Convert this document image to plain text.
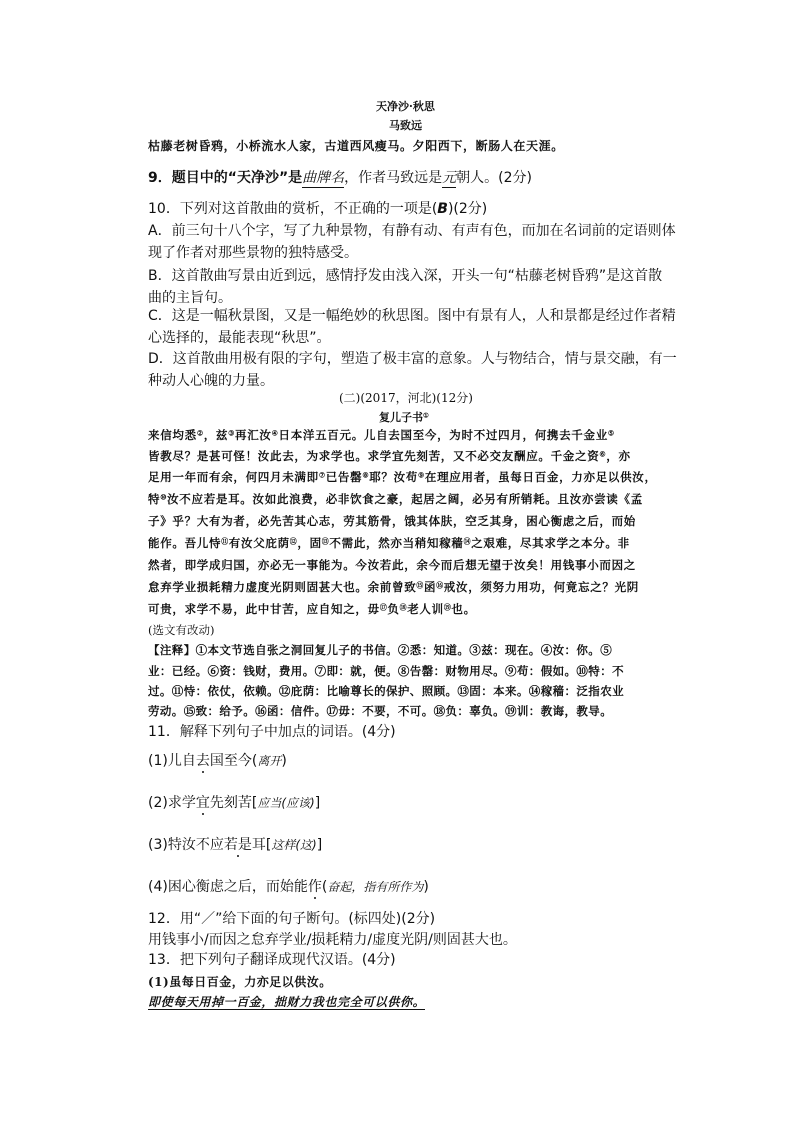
天净沙·秋思
马致远
枯藤老树昏鸦，小桥流水人家，古道西风瘦马。夕阳西下，断肠人在天涯。
9．题目中的“天净沙”是曲牌名，作者马致远是元朝人。(2分)
10．下列对这首散曲的赏析，不正确的一项是(B)(2分)
A．前三句十八个字，写了九种景物，有静有动、有声有色，而加在名词前的定语则体
现了作者对那些景物的独特感受。
B．这首散曲写景由近到远，感情抒发由浅入深，开头一句“枯藤老树昏鸦”是这首散
曲的主旨句。
C．这是一幅秋景图，又是一幅绝妙的秋思图。图中有景有人，人和景都是经过作者精
心选择的，最能表现“秋思”。
D．这首散曲用极有限的字句，塑造了极丰富的意象。人与物结合，情与景交融，有一
种动人心魄的力量。
(二)(2017，河北)(12分)
复儿子书①
来信均悉②，兹③再汇汝④日本洋五百元。儿自去国至今，为时不过四月，何携去千金业⑤
皆教尽？是甚可怪！汝此去，为求学也。求学宜先刻苦，又不必交友酬应。千金之资⑥，亦
足用一年而有余，何四月未满即⑦已告罄⑧耶？汝苟⑨在理应用者，虽每日百金，力亦足以供汝，
特⑩汝不应若是耳。汝如此浪费，必非饮食之豪，起居之阔，必另有所销耗。且汝亦尝读《孟
子》乎？大有为者，必先苦其心志，劳其筋骨，饿其体肤，空乏其身，困心衡虑之后，而始
能作。吾儿恃⑪有汝父庇荫⑫，固⑬不需此，然亦当稍知稼穑⑭之艰难，尽其求学之本分。非
然者，即学成归国，亦必无一事能为。今汝若此，余今而后想无望于汝矣！用钱事小而因之
怠弃学业损耗精力虚度光阴则固甚大也。余前曾致⑮函⑯戒汝，须努力用功，何竟忘之？光阴
可贵，求学不易，此中甘苦，应自知之，毋⑰负⑱老人训⑲也。
(选文有改动)
【注释】①本文节选自张之洞回复儿子的书信。②悉：知道。③兹：现在。④汝：你。⑤
业：已经。⑥资：钱财，费用。⑦即：就，便。⑧告罄：财物用尽。⑨苟：假如。⑩特：不
过。⑪恃：依仗，依赖。⑫庇荫：比喻尊长的保护、照顾。⑬固：本来。⑭稼穑：泛指农业
劳动。⑮致：给予。⑯函：信件。⑰毋：不要，不可。⑱负：辜负。⑲训：教诲，教导。
11．解释下列句子中加点的词语。(4分)
(1)儿自去国至今(离开)
(2)求学宜先刻苦[应当(应该)]
(3)特汝不应若是耳[这样(这)]
(4)困心衡虑之后，而始能作(奋起，指有所作为)
12．用“／”给下面的句子断句。(标四处)(2分)
用钱事小/而因之怠弃学业/损耗精力/虚度光阴/则固甚大也。
13．把下列句子翻译成现代汉语。(4分)
(1)虽每日百金，力亦足以供汝。
即使每天用掉一百金，拙财力我也完全可以供你。
